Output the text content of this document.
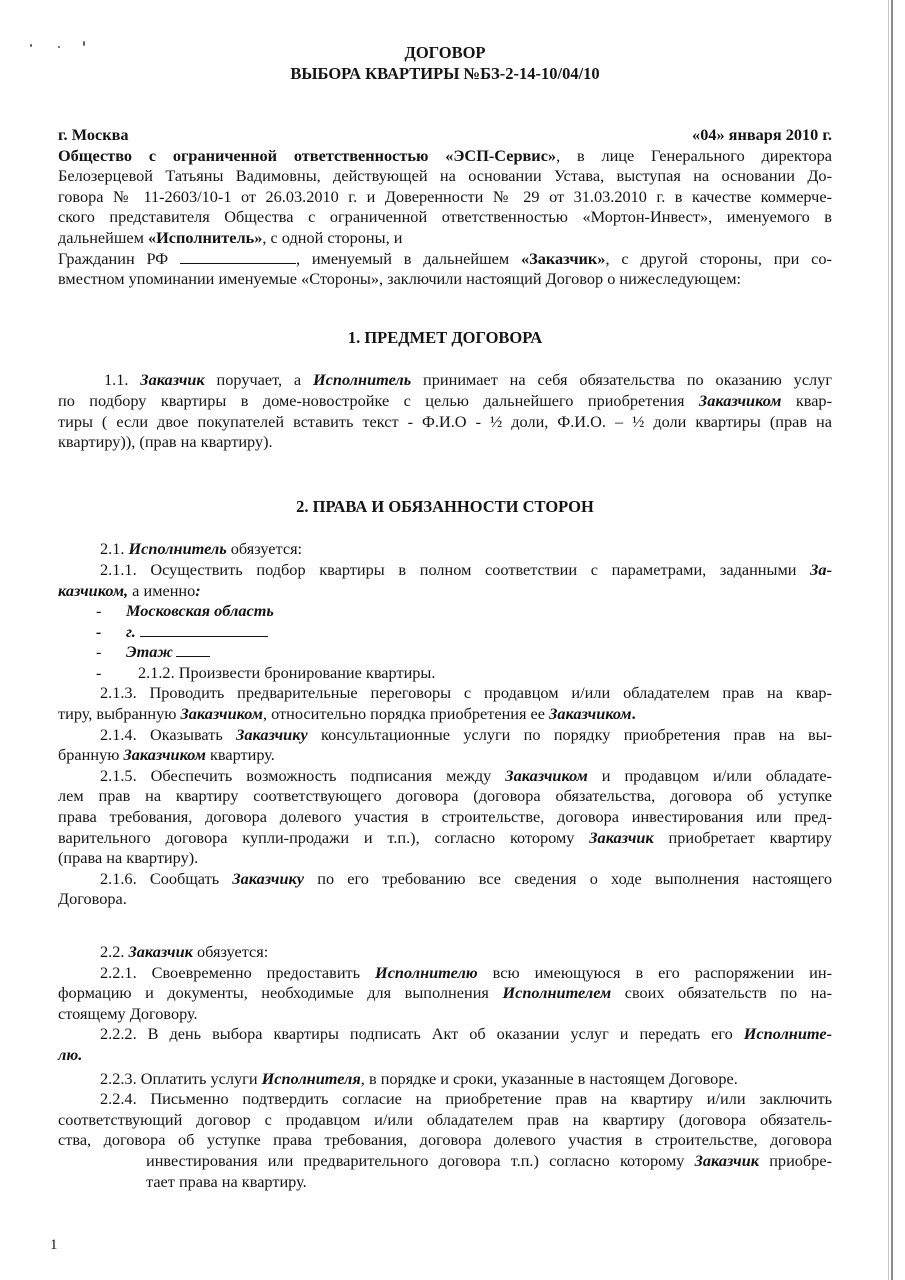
ДОГОВОР
ВЫБОРА КВАРТИРЫ №БЗ-2-14-10/04/10
г. Москва	«04» января 2010 г.
Общество с ограниченной ответственностью «ЭСП-Сервис», в лице Генерального директора
Белозерцевой Татьяны Вадимовны, действующей на основании Устава, выступая на основании До-
говора № 11-2603/10-1 от 26.03.2010 г. и Доверенности № 29 от 31.03.2010 г. в качестве коммерче-
ского представителя Общества с ограниченной ответственностью «Мортон-Инвест», именуемого в
дальнейшем «Исполнитель», с одной стороны, и
Гражданин РФ	, именуемый в дальнейшем «Заказчик», с другой стороны, при со-
вместном упоминании именуемые «Стороны», заключили настоящий Договор о нижеследующем:
1. ПРЕДМЕТ ДОГОВОРА
1.1. Заказчик поручает, а Исполнитель принимает на себя обязательства по оказанию услуг
по подбору квартиры в доме-новостройке с целью дальнейшего приобретения Заказчиком квар-
тиры ( если двое покупателей вставить текст - Ф.И.О - ½ доли, Ф.И.О. – ½ доли квартиры (прав на
квартиру)), (прав на квартиру).
2. ПРАВА И ОБЯЗАННОСТИ СТОРОН
2.1. Исполнитель обязуется:
2.1.1. Осуществить подбор квартиры в полном соответствии с параметрами, заданными За-
казчиком, а именно:
- Московская область
- г.
- Этаж
- 2.1.2. Произвести бронирование квартиры.
2.1.3. Проводить предварительные переговоры с продавцом и/или обладателем прав на квар-
тиру, выбранную Заказчиком, относительно порядка приобретения ее Заказчиком.
2.1.4. Оказывать Заказчику консультационные услуги по порядку приобретения прав на вы-
бранную Заказчиком квартиру.
2.1.5. Обеспечить возможность подписания между Заказчиком и продавцом и/или обладате-
лем прав на квартиру соответствующего договора (договора обязательства, договора об уступке
права требования, договора долевого участия в строительстве, договора инвестирования или пред-
варительного договора купли-продажи и т.п.), согласно которому Заказчик приобретает квартиру
(права на квартиру).
2.1.6. Сообщать Заказчику по его требованию все сведения о ходе выполнения настоящего
Договора.
2.2. Заказчик обязуется:
2.2.1. Своевременно предоставить Исполнителю всю имеющуюся в его распоряжении ин-
формацию и документы, необходимые для выполнения Исполнителем своих обязательств по на-
стоящему Договору.
2.2.2. В день выбора квартиры подписать Акт об оказании услуг и передать его Исполните-
лю.
2.2.3. Оплатить услуги Исполнителя, в порядке и сроки, указанные в настоящем Договоре.
2.2.4. Письменно подтвердить согласие на приобретение прав на квартиру и/или заключить
соответствующий договор с продавцом и/или обладателем прав на квартиру (договора обязатель-
ства, договора об уступке права требования, договора долевого участия в строительстве, договора
инвестирования или предварительного договора т.п.) согласно которому Заказчик приобре-
тает права на квартиру.
1
